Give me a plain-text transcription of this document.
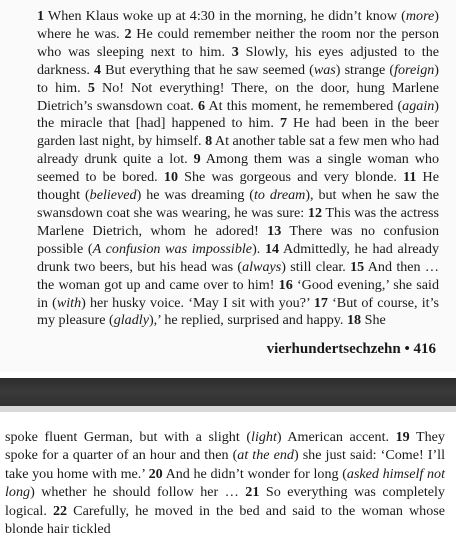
1 When Klaus woke up at 4:30 in the morning, he didn’t know (more) where he was. 2 He could remember neither the room nor the person who was sleeping next to him. 3 Slowly, his eyes adjusted to the darkness. 4 But everything that he saw seemed (was) strange (foreign) to him. 5 No! Not everything! There, on the door, hung Marlene Dietrich’s swansdown coat. 6 At this moment, he remembered (again) the miracle that [had] happened to him. 7 He had been in the beer garden last night, by himself. 8 At another table sat a few men who had already drunk quite a lot. 9 Among them was a single woman who seemed to be bored. 10 She was gorgeous and very blonde. 11 He thought (believed) he was dreaming (to dream), but when he saw the swansdown coat she was wearing, he was sure: 12 This was the actress Marlene Dietrich, whom he adored! 13 There was no confusion possible (A confusion was impossible). 14 Admittedly, he had already drunk two beers, but his head was (always) still clear. 15 And then … the woman got up and came over to him! 16 ‘Good evening,’ she said in (with) her husky voice. ‘May I sit with you?’ 17 ‘But of course, it’s my pleasure (gladly),’ he replied, surprised and happy. 18 She

vierhundertsechzehn • 416

spoke fluent German, but with a slight (light) American accent. 19 They spoke for a quarter of an hour and then (at the end) she just said: ‘Come! I’ll take you home with me.’ 20 And he didn’t wonder for long (asked himself not long) whether he should follow her … 21 So everything was completely logical. 22 Carefully, he moved in the bed and said to the woman whose blonde hair tickled
